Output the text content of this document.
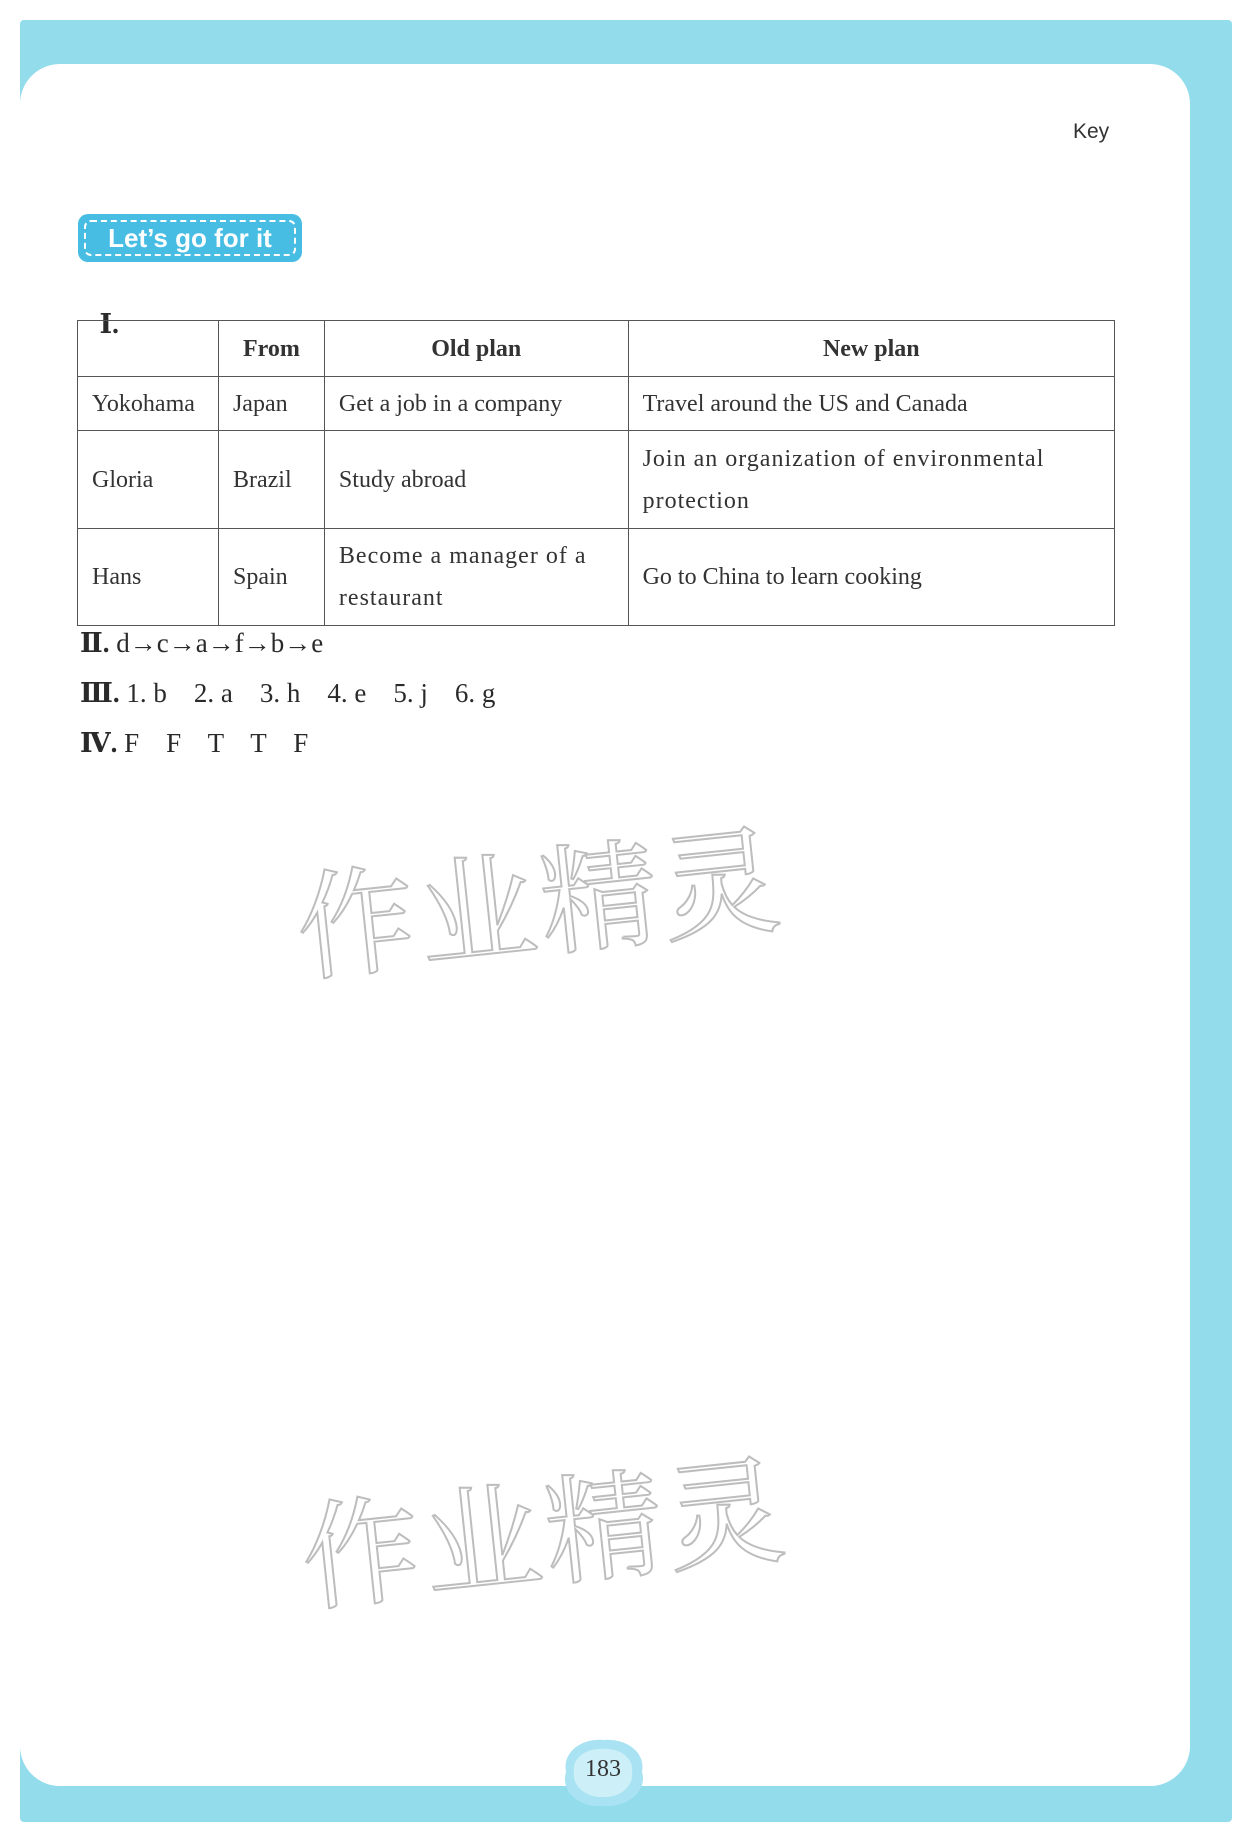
Key
Let’s go for it

Ⅰ.

	From	Old plan	New plan
Yokohama	Japan	Get a job in a company	Travel around the US and Canada
Gloria	Brazil	Study abroad	Join an organization of environmental protection
Hans	Spain	Become a manager of a restaurant	Go to China to learn cooking
Ⅱ. d→c→a→f→b→e
Ⅲ. 1. b    2. a    3. h    4. e    5. j    6. g
Ⅳ. F    F    T    T    F
作业精灵
作业精灵
183
